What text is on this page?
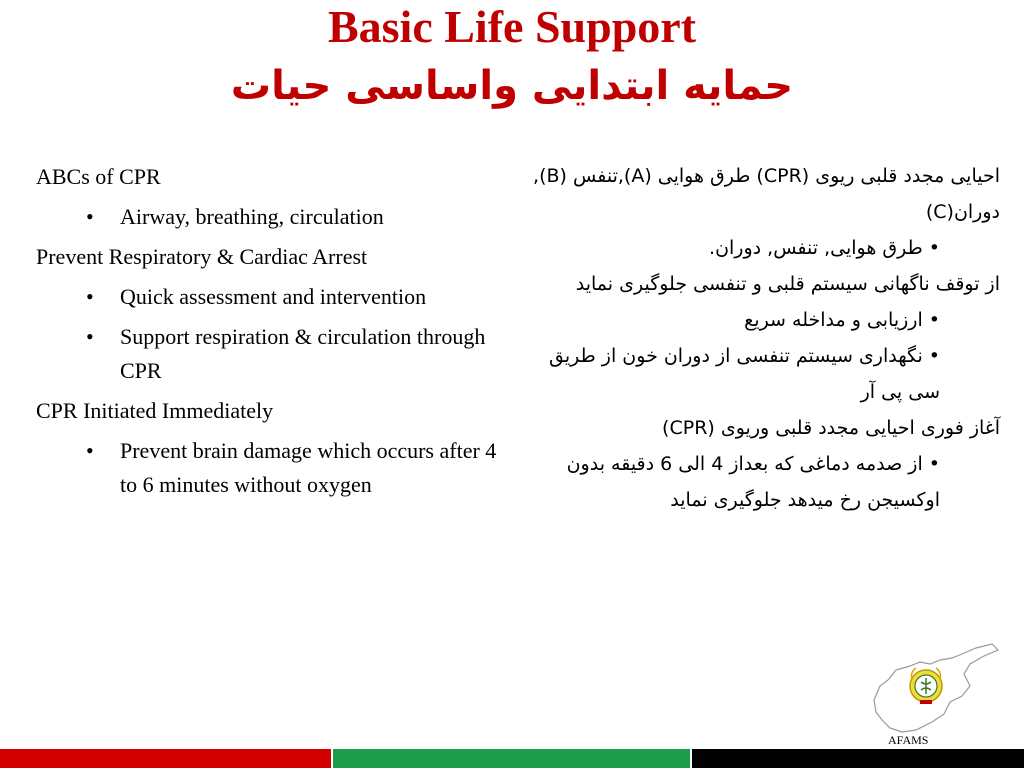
Basic Life Support
حمایه ابتدایی واساسی حیات

ABCs of CPR

• Airway, breathing, circulation

Prevent Respiratory & Cardiac Arrest

• Quick assessment and intervention
• Support respiration & circulation through CPR

CPR Initiated Immediately

• Prevent brain damage which occurs after 4 to 6 minutes without oxygen

احیایی مجدد قلبی ریوی (CPR) طرق هوایی (A),تنفس (B), دوران(C)

• طرق هوایی, تنفس, دوران.

از توقف ناگهانی سیستم قلبی و تنفسی جلوگیری نماید

• ارزیابی و مداخله سریع

• نگهداری سیستم تنفسی از دوران خون از طریق سی پی آر

آغاز فوری احیایی مجدد قلبی وریوی (CPR)

• از صدمه دماغی که بعداز 4 الی 6 دقیقه بدون اوکسیجن رخ میدهد جلوگیری نماید

AFAMS
